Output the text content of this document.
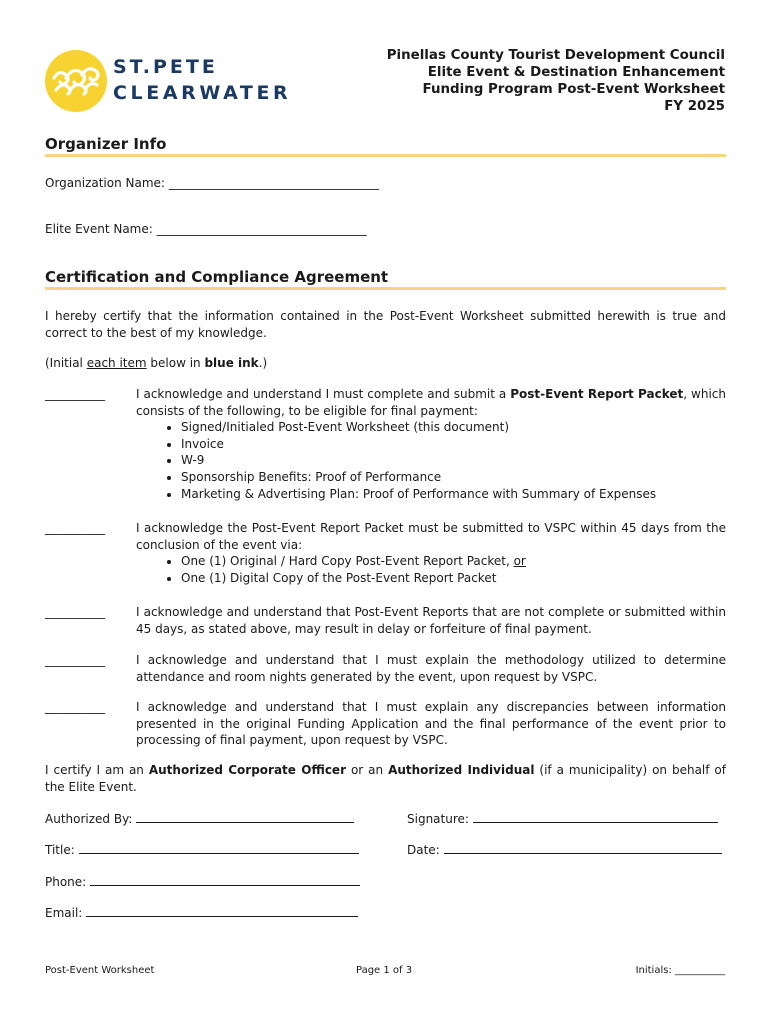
ST.PETE
CLEARWATER
Pinellas County Tourist Development Council
Elite Event & Destination Enhancement
Funding Program Post-Event Worksheet
FY 2025
Organizer Info
Organization Name: ___________________________________
Elite Event Name: ___________________________________
Certification and Compliance Agreement
I hereby certify that the information contained in the Post-Event Worksheet submitted herewith is true and correct to the best of my knowledge.
(Initial each item below in blue ink.)
__________	I acknowledge and understand I must complete and submit a Post-Event Report Packet, which consists of the following, to be eligible for final payment:
• Signed/Initialed Post-Event Worksheet (this document)
• Invoice
• W-9
• Sponsorship Benefits: Proof of Performance
• Marketing & Advertising Plan: Proof of Performance with Summary of Expenses
__________	I acknowledge the Post-Event Report Packet must be submitted to VSPC within 45 days from the conclusion of the event via:
• One (1) Original / Hard Copy Post-Event Report Packet, or
• One (1) Digital Copy of the Post-Event Report Packet
__________	I acknowledge and understand that Post-Event Reports that are not complete or submitted within 45 days, as stated above, may result in delay or forfeiture of final payment.
__________	I acknowledge and understand that I must explain the methodology utilized to determine attendance and room nights generated by the event, upon request by VSPC.
__________	I acknowledge and understand that I must explain any discrepancies between information presented in the original Funding Application and the final performance of the event prior to processing of final payment, upon request by VSPC.
I certify I am an Authorized Corporate Officer or an Authorized Individual (if a municipality) on behalf of the Elite Event.
Authorized By:	Signature:
Title:	Date:
Phone:
Email:
Post-Event Worksheet	Page 1 of 3	Initials: __________
